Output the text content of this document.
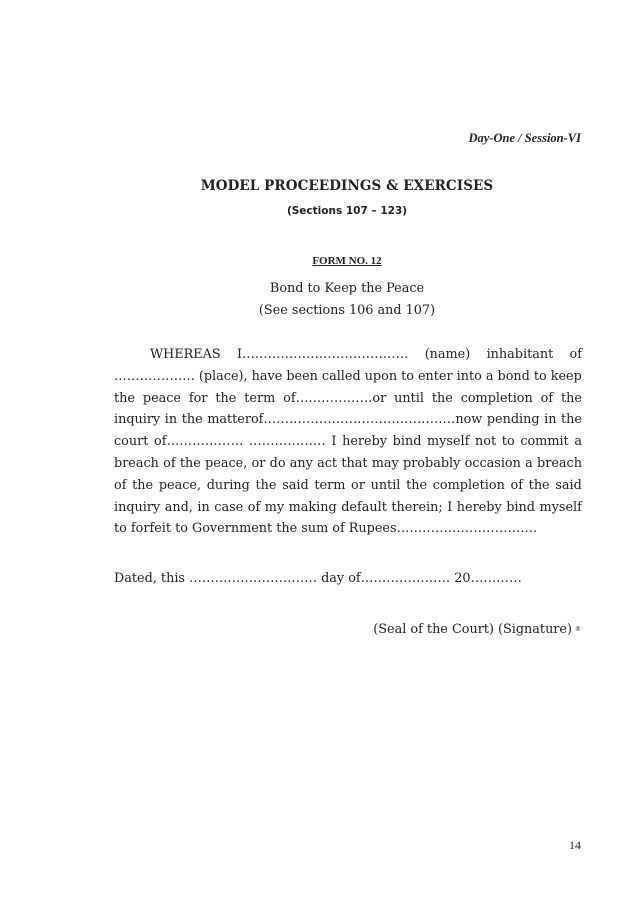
Day-One / Session-VI
MODEL PROCEEDINGS & EXERCISES
(Sections 107 – 123)
FORM NO. 12
Bond to Keep the Peace
(See sections 106 and 107)
WHEREAS I………………………………… (name) inhabitant of
………………. (place), have been called upon to enter into a bond to keep
the peace for the term of………………or until the completion of the
inquiry in the matterof………………………………………now pending in the
court of……………… ……………… I hereby bind myself not to commit a
breach of the peace, or do any act that may probably occasion a breach
of the peace, during the said term or until the completion of the said
inquiry and, in case of my making default therein; I hereby bind myself
to forfeit to Government the sum of Rupees……………………………
Dated, this ………………………… day of………………… 20…………
(Seal of the Court) (Signature) ®
14
